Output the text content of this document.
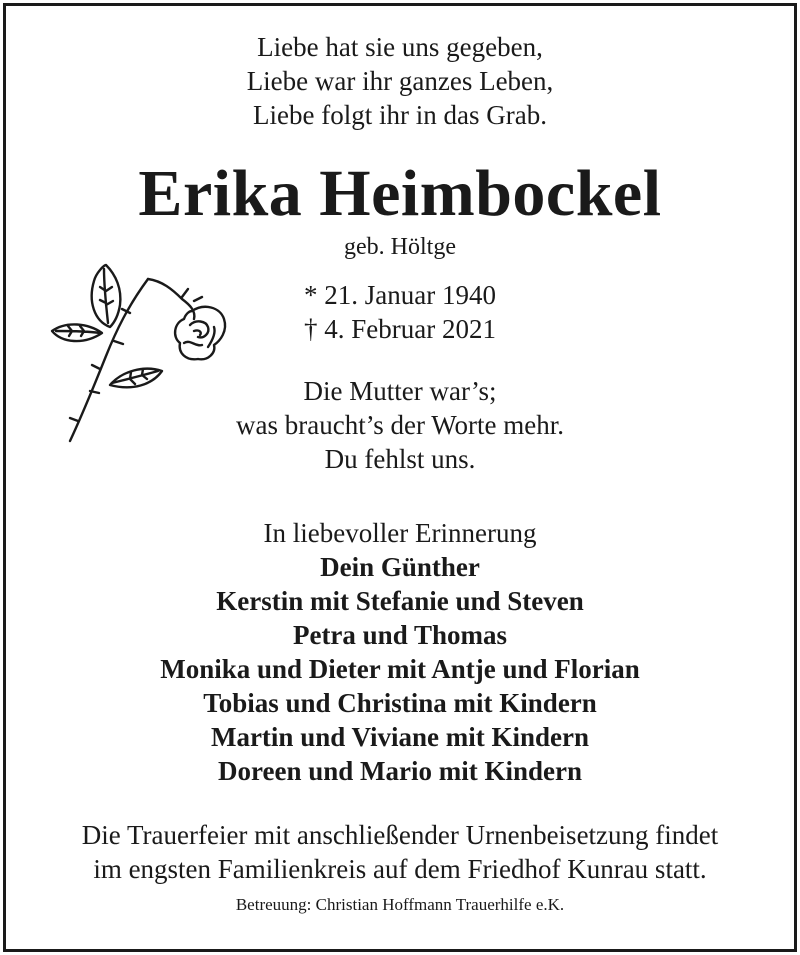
Liebe hat sie uns gegeben,
Liebe war ihr ganzes Leben,
Liebe folgt ihr in das Grab.
Erika Heimbockel
geb. Höltge
* 21. Januar 1940
† 4. Februar 2021
Die Mutter war’s;
was braucht’s der Worte mehr.
Du fehlst uns.
In liebevoller Erinnerung
Dein Günther
Kerstin mit Stefanie und Steven
Petra und Thomas
Monika und Dieter mit Antje und Florian
Tobias und Christina mit Kindern
Martin und Viviane mit Kindern
Doreen und Mario mit Kindern
Die Trauerfeier mit anschließender Urnenbeisetzung findet
im engsten Familienkreis auf dem Friedhof Kunrau statt.
Betreuung: Christian Hoffmann Trauerhilfe e.K.
